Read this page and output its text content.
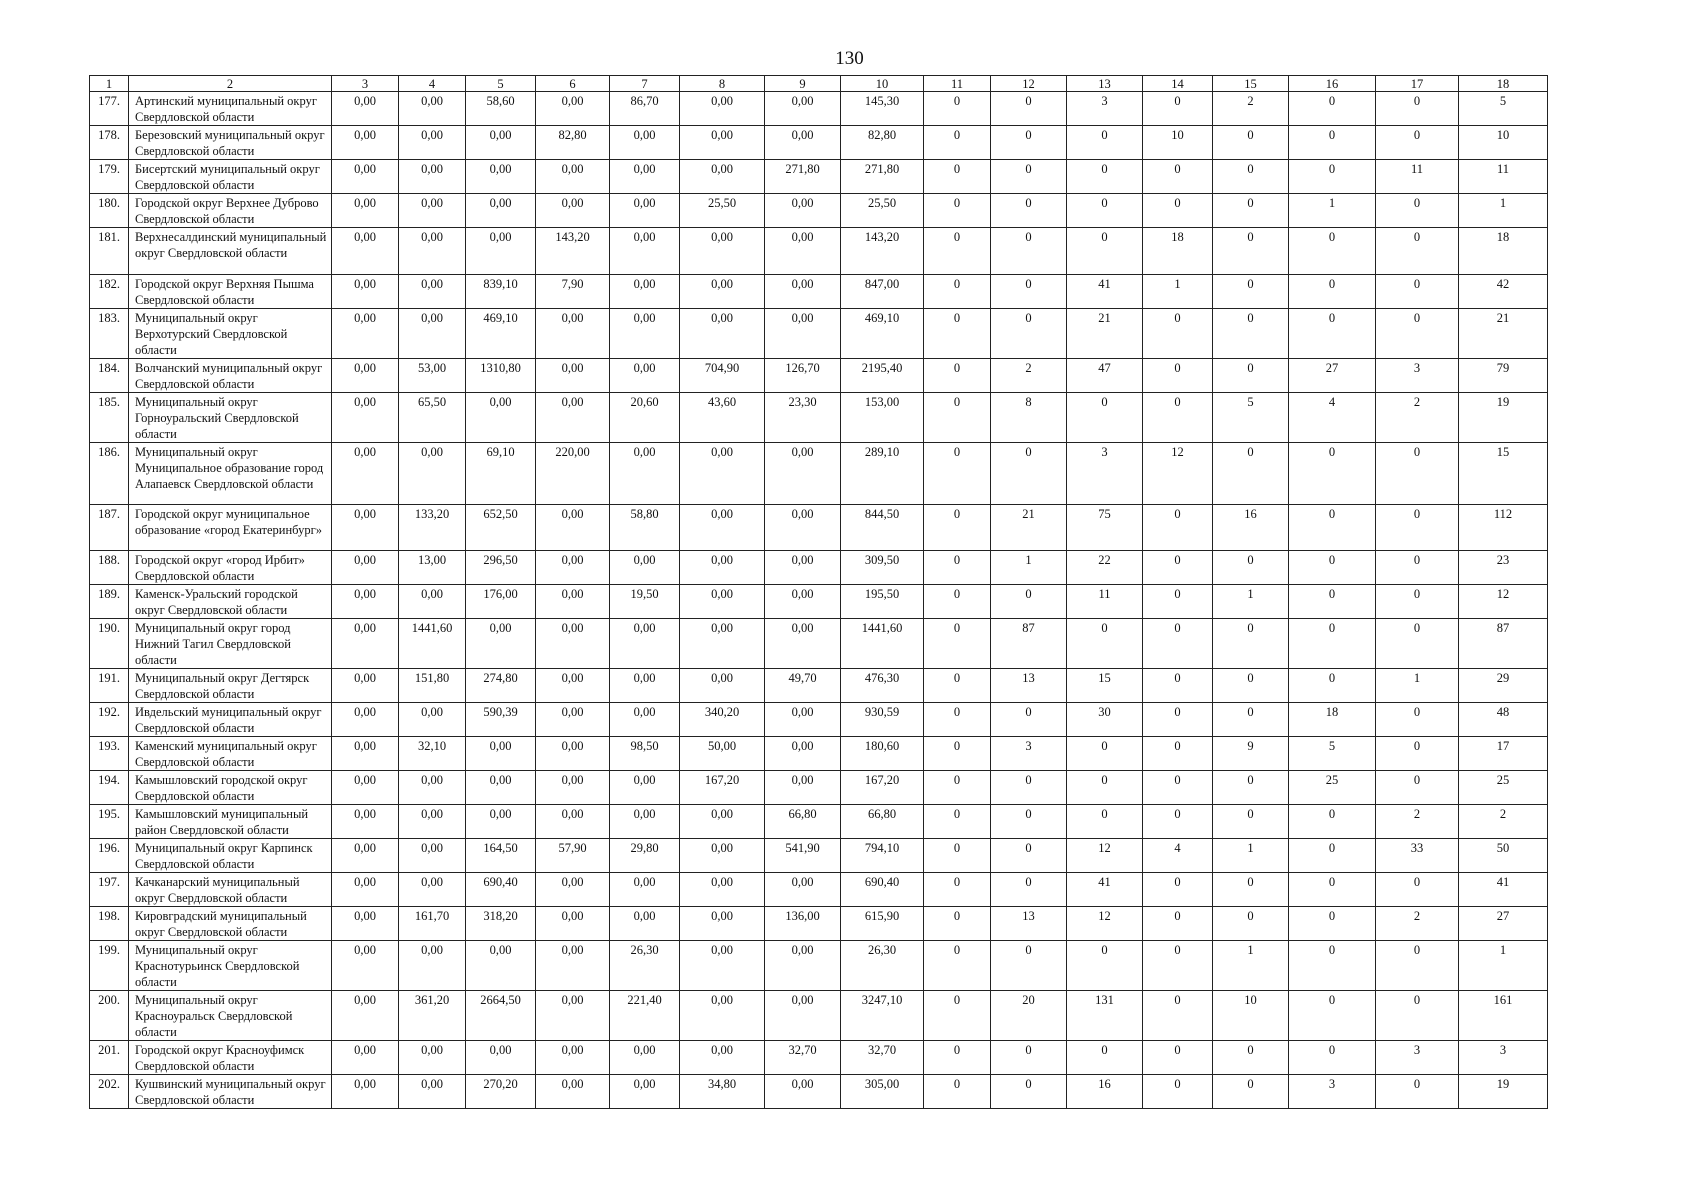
130
1	2	3	4	5	6	7	8	9	10	11	12	13	14	15	16	17	18
177.	Артинский муниципальный округ Свердловской области	0,00	0,00	58,60	0,00	86,70	0,00	0,00	145,30	0	0	3	0	2	0	0	5
178.	Березовский муниципальный округ Свердловской области	0,00	0,00	0,00	82,80	0,00	0,00	0,00	82,80	0	0	0	10	0	0	0	10
179.	Бисертский муниципальный округ Свердловской области	0,00	0,00	0,00	0,00	0,00	0,00	271,80	271,80	0	0	0	0	0	0	11	11
180.	Городской округ Верхнее Дуброво Свердловской области	0,00	0,00	0,00	0,00	0,00	25,50	0,00	25,50	0	0	0	0	0	1	0	1
181.	Верхнесалдинский муниципальный округ Свердловской области	0,00	0,00	0,00	143,20	0,00	0,00	0,00	143,20	0	0	0	18	0	0	0	18
182.	Городской округ Верхняя Пышма Свердловской области	0,00	0,00	839,10	7,90	0,00	0,00	0,00	847,00	0	0	41	1	0	0	0	42
183.	Муниципальный округ Верхотурский Свердловской области	0,00	0,00	469,10	0,00	0,00	0,00	0,00	469,10	0	0	21	0	0	0	0	21
184.	Волчанский муниципальный округ Свердловской области	0,00	53,00	1310,80	0,00	0,00	704,90	126,70	2195,40	0	2	47	0	0	27	3	79
185.	Муниципальный округ Горноуральский Свердловской области	0,00	65,50	0,00	0,00	20,60	43,60	23,30	153,00	0	8	0	0	5	4	2	19
186.	Муниципальный округ Муниципальное образование город Алапаевск Свердловской области	0,00	0,00	69,10	220,00	0,00	0,00	0,00	289,10	0	0	3	12	0	0	0	15
187.	Городской округ муниципальное образование «город Екатеринбург»	0,00	133,20	652,50	0,00	58,80	0,00	0,00	844,50	0	21	75	0	16	0	0	112
188.	Городской округ «город Ирбит» Свердловской области	0,00	13,00	296,50	0,00	0,00	0,00	0,00	309,50	0	1	22	0	0	0	0	23
189.	Каменск-Уральский городской округ Свердловской области	0,00	0,00	176,00	0,00	19,50	0,00	0,00	195,50	0	0	11	0	1	0	0	12
190.	Муниципальный округ город Нижний Тагил Свердловской области	0,00	1441,60	0,00	0,00	0,00	0,00	0,00	1441,60	0	87	0	0	0	0	0	87
191.	Муниципальный округ Дегтярск Свердловской области	0,00	151,80	274,80	0,00	0,00	0,00	49,70	476,30	0	13	15	0	0	0	1	29
192.	Ивдельский муниципальный округ Свердловской области	0,00	0,00	590,39	0,00	0,00	340,20	0,00	930,59	0	0	30	0	0	18	0	48
193.	Каменский муниципальный округ Свердловской области	0,00	32,10	0,00	0,00	98,50	50,00	0,00	180,60	0	3	0	0	9	5	0	17
194.	Камышловский городской округ Свердловской области	0,00	0,00	0,00	0,00	0,00	167,20	0,00	167,20	0	0	0	0	0	25	0	25
195.	Камышловский муниципальный район Свердловской области	0,00	0,00	0,00	0,00	0,00	0,00	66,80	66,80	0	0	0	0	0	0	2	2
196.	Муниципальный округ Карпинск Свердловской области	0,00	0,00	164,50	57,90	29,80	0,00	541,90	794,10	0	0	12	4	1	0	33	50
197.	Качканарский муниципальный округ Свердловской области	0,00	0,00	690,40	0,00	0,00	0,00	0,00	690,40	0	0	41	0	0	0	0	41
198.	Кировградский муниципальный округ Свердловской области	0,00	161,70	318,20	0,00	0,00	0,00	136,00	615,90	0	13	12	0	0	0	2	27
199.	Муниципальный округ Краснотурьинск Свердловской области	0,00	0,00	0,00	0,00	26,30	0,00	0,00	26,30	0	0	0	0	1	0	0	1
200.	Муниципальный округ Красноуральск Свердловской области	0,00	361,20	2664,50	0,00	221,40	0,00	0,00	3247,10	0	20	131	0	10	0	0	161
201.	Городской округ Красноуфимск Свердловской области	0,00	0,00	0,00	0,00	0,00	0,00	32,70	32,70	0	0	0	0	0	0	3	3
202.	Кушвинский муниципальный округ Свердловской области	0,00	0,00	270,20	0,00	0,00	34,80	0,00	305,00	0	0	16	0	0	3	0	19
